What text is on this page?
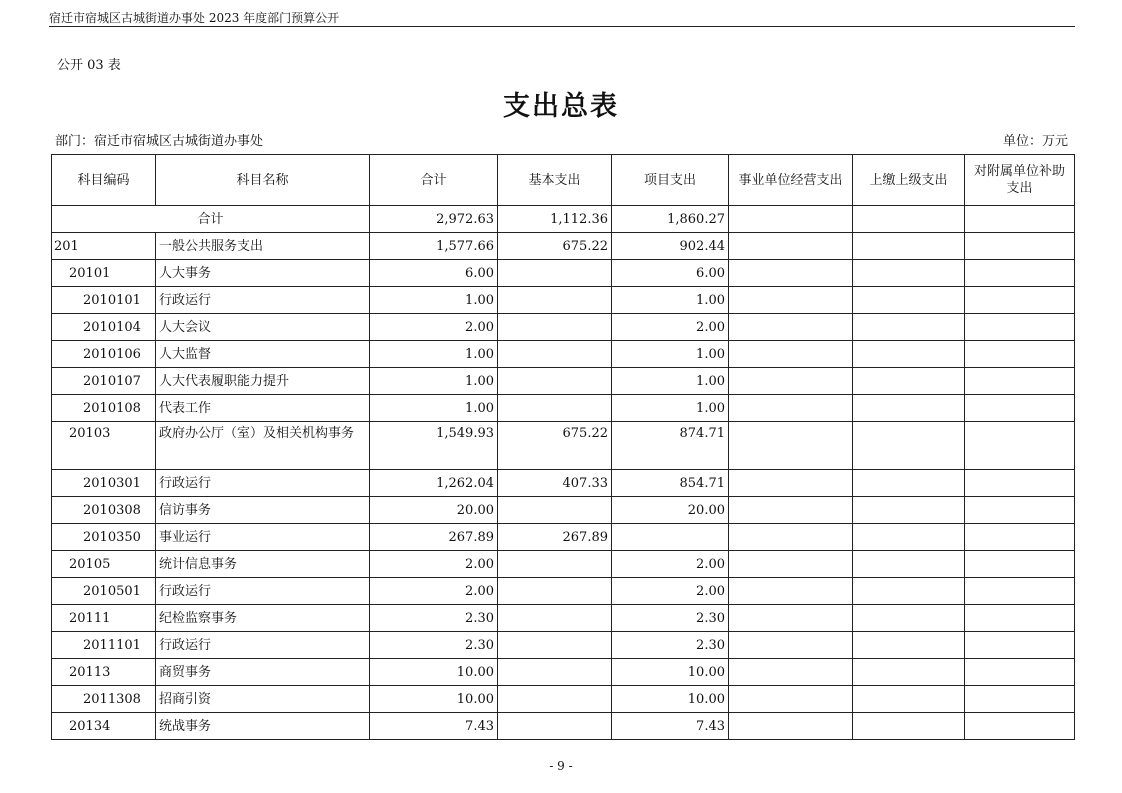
宿迁市宿城区古城街道办事处 2023 年度部门预算公开
公开 03 表
支出总表
部门：宿迁市宿城区古城街道办事处	单位：万元
科目编码	科目名称	合计	基本支出	项目支出	事业单位经营支出	上缴上级支出	对附属单位补助支出
合计		2,972.63	1,112.36	1,860.27			
201	一般公共服务支出	1,577.66	675.22	902.44			
20101	人大事务	6.00		6.00			
2010101	行政运行	1.00		1.00			
2010104	人大会议	2.00		2.00			
2010106	人大监督	1.00		1.00			
2010107	人大代表履职能力提升	1.00		1.00			
2010108	代表工作	1.00		1.00			
20103	政府办公厅（室）及相关机构事务	1,549.93	675.22	874.71			
2010301	行政运行	1,262.04	407.33	854.71			
2010308	信访事务	20.00		20.00			
2010350	事业运行	267.89	267.89				
20105	统计信息事务	2.00		2.00			
2010501	行政运行	2.00		2.00			
20111	纪检监察事务	2.30		2.30			
2011101	行政运行	2.30		2.30			
20113	商贸事务	10.00		10.00			
2011308	招商引资	10.00		10.00			
20134	统战事务	7.43		7.43			
- 9 -
